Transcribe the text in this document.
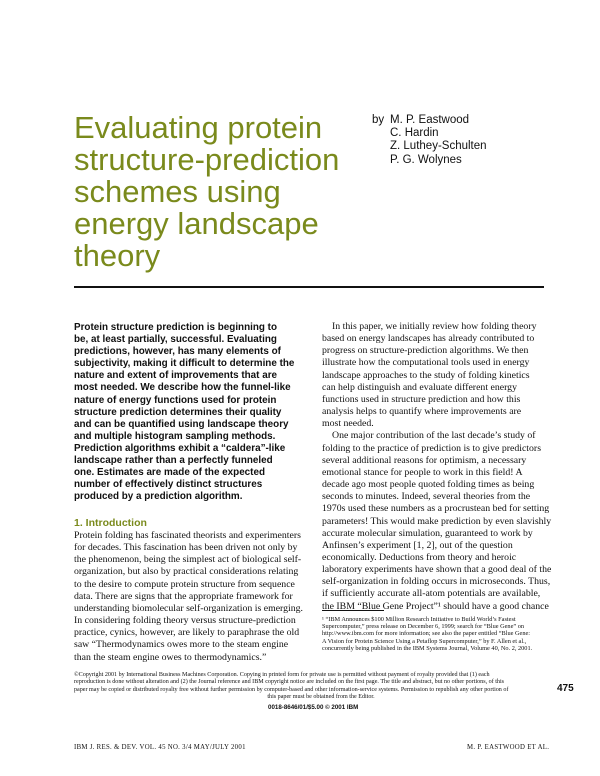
Evaluating protein
structure-prediction
schemes using
energy landscape
theory
by M. P. Eastwood
C. Hardin
Z. Luthey-Schulten
P. G. Wolynes
Protein structure prediction is beginning to
be, at least partially, successful. Evaluating
predictions, however, has many elements of
subjectivity, making it difficult to determine the
nature and extent of improvements that are
most needed. We describe how the funnel-like
nature of energy functions used for protein
structure prediction determines their quality
and can be quantified using landscape theory
and multiple histogram sampling methods.
Prediction algorithms exhibit a “caldera”-like
landscape rather than a perfectly funneled
one. Estimates are made of the expected
number of effectively distinct structures
produced by a prediction algorithm.
1. Introduction
Protein folding has fascinated theorists and experimenters
for decades. This fascination has been driven not only by
the phenomenon, being the simplest act of biological self-
organization, but also by practical considerations relating
to the desire to compute protein structure from sequence
data. There are signs that the appropriate framework for
understanding biomolecular self-organization is emerging.
In considering folding theory versus structure-prediction
practice, cynics, however, are likely to paraphrase the old
saw “Thermodynamics owes more to the steam engine
than the steam engine owes to thermodynamics.”
In this paper, we initially review how folding theory
based on energy landscapes has already contributed to
progress on structure-prediction algorithms. We then
illustrate how the computational tools used in energy
landscape approaches to the study of folding kinetics
can help distinguish and evaluate different energy
functions used in structure prediction and how this
analysis helps to quantify where improvements are
most needed.
One major contribution of the last decade’s study of
folding to the practice of prediction is to give predictors
several additional reasons for optimism, a necessary
emotional stance for people to work in this field! A
decade ago most people quoted folding times as being
seconds to minutes. Indeed, several theories from the
1970s used these numbers as a procrustean bed for setting
parameters! This would make prediction by even slavishly
accurate molecular simulation, guaranteed to work by
Anfinsen’s experiment [1, 2], out of the question
economically. Deductions from theory and heroic
laboratory experiments have shown that a good deal of the
self-organization in folding occurs in microseconds. Thus,
if sufficiently accurate all-atom potentials are available,
the IBM “Blue Gene Project”¹ should have a good chance
¹ “IBM Announces $100 Million Research Initiative to Build World’s Fastest
Supercomputer,” press release on December 6, 1999; search for “Blue Gene” on
http://www.ibm.com for more information; see also the paper entitled “Blue Gene:
A Vision for Protein Science Using a Petaflop Supercomputer,” by F. Allen et al.,
concurrently being published in the IBM Systems Journal, Volume 40, No. 2, 2001.
©Copyright 2001 by International Business Machines Corporation. Copying in printed form for private use is permitted without payment of royalty provided that (1) each
reproduction is done without alteration and (2) the Journal reference and IBM copyright notice are included on the first page. The title and abstract, but no other portions, of this
paper may be copied or distributed royalty free without further permission by computer-based and other information-service systems. Permission to republish any other portion of
this paper must be obtained from the Editor.
475
0018-8646/01/$5.00 © 2001 IBM
IBM J. RES. & DEV. VOL. 45 NO. 3/4 MAY/JULY 2001	M. P. EASTWOOD ET AL.
